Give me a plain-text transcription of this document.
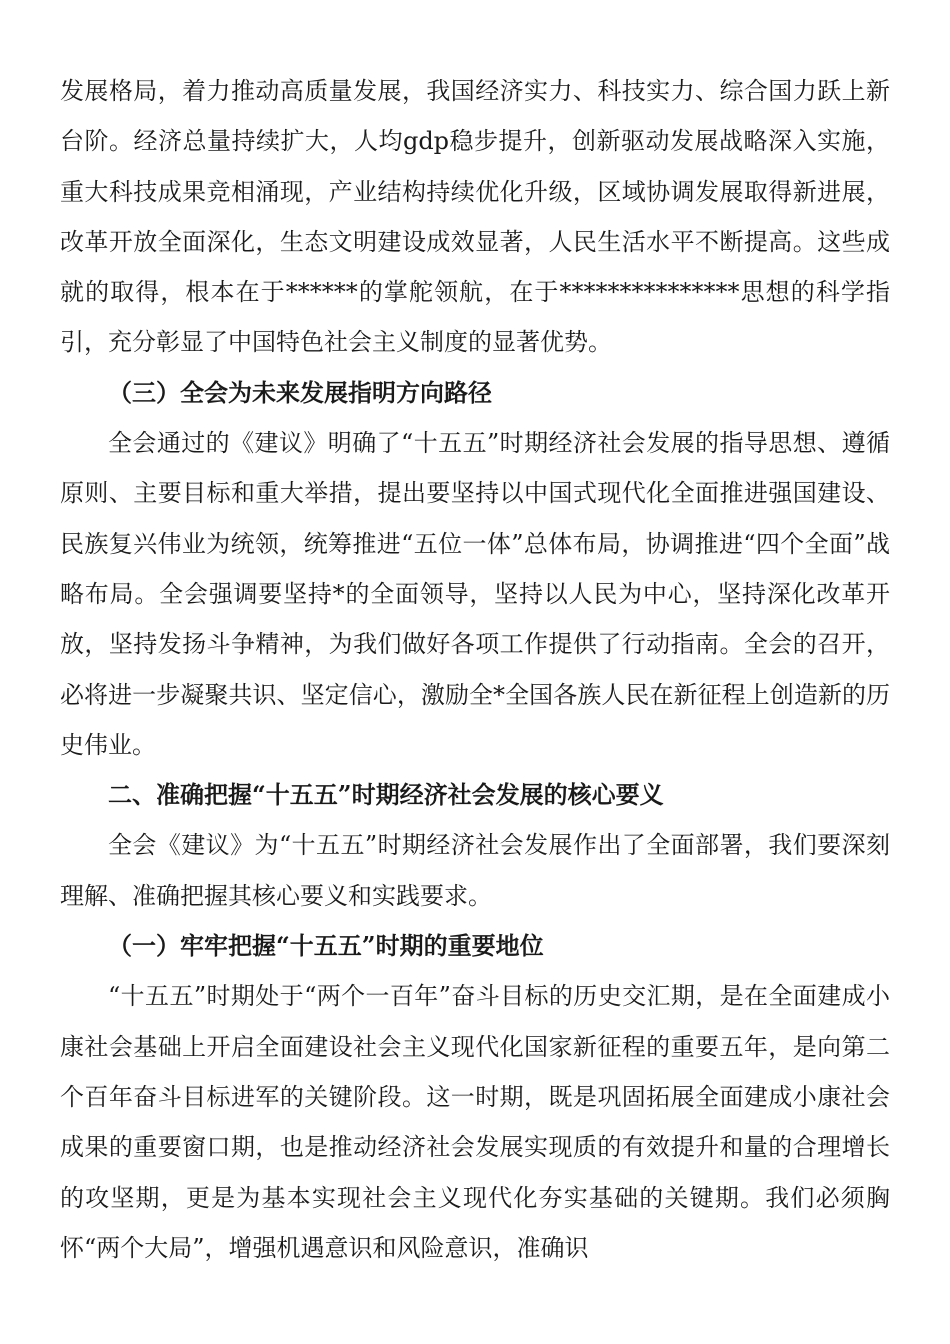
发展格局，着力推动高质量发展，我国经济实力、科技实力、综合国力跃上新台阶。经济总量持续扩大，人均gdp稳步提升，创新驱动发展战略深入实施，重大科技成果竞相涌现，产业结构持续优化升级，区域协调发展取得新进展，改革开放全面深化，生态文明建设成效显著，人民生活水平不断提高。这些成就的取得，根本在于******的掌舵领航，在于***************思想的科学指引，充分彰显了中国特色社会主义制度的显著优势。

（三）全会为未来发展指明方向路径

全会通过的《建议》明确了“十五五”时期经济社会发展的指导思想、遵循原则、主要目标和重大举措，提出要坚持以中国式现代化全面推进强国建设、民族复兴伟业为统领，统筹推进“五位一体”总体布局，协调推进“四个全面”战略布局。全会强调要坚持*的全面领导，坚持以人民为中心，坚持深化改革开放，坚持发扬斗争精神，为我们做好各项工作提供了行动指南。全会的召开，必将进一步凝聚共识、坚定信心，激励全*全国各族人民在新征程上创造新的历史伟业。

二、准确把握“十五五”时期经济社会发展的核心要义

全会《建议》为“十五五”时期经济社会发展作出了全面部署，我们要深刻理解、准确把握其核心要义和实践要求。

（一）牢牢把握“十五五”时期的重要地位

“十五五”时期处于“两个一百年”奋斗目标的历史交汇期，是在全面建成小康社会基础上开启全面建设社会主义现代化国家新征程的重要五年，是向第二个百年奋斗目标进军的关键阶段。这一时期，既是巩固拓展全面建成小康社会成果的重要窗口期，也是推动经济社会发展实现质的有效提升和量的合理增长的攻坚期，更是为基本实现社会主义现代化夯实基础的关键期。我们必须胸怀“两个大局”，增强机遇意识和风险意识，准确识
